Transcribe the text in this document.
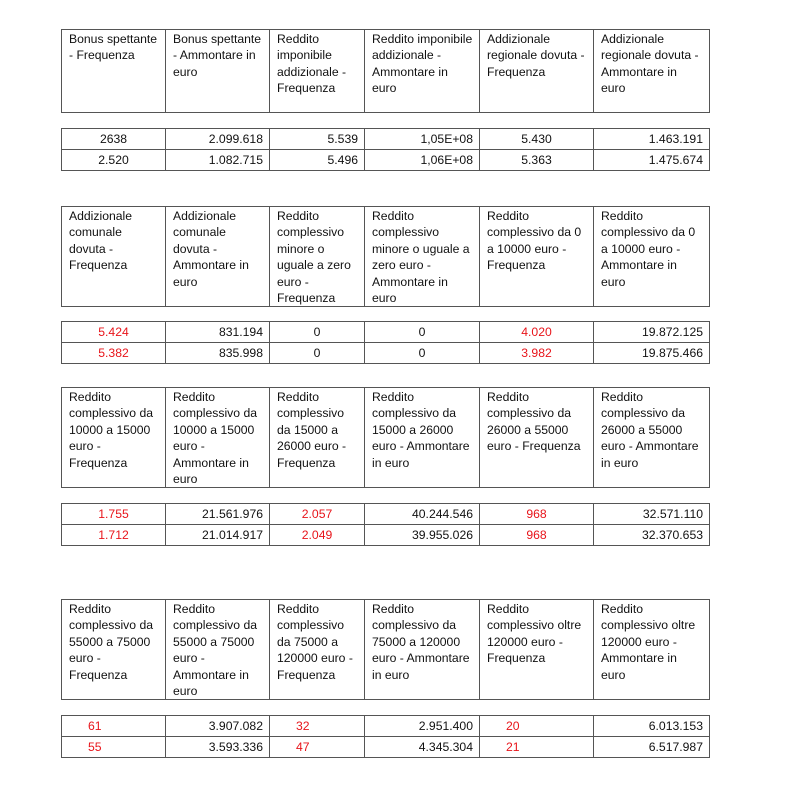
Bonus spettante - Frequenza	Bonus spettante - Ammontare in euro	Reddito imponibile addizionale - Frequenza	Reddito imponibile addizionale - Ammontare in euro	Addizionale regionale dovuta - Frequenza	Addizionale regionale dovuta - Ammontare in euro
2638	2.099.618	5.539	1,05E+08	5.430	1.463.191
2.520	1.082.715	5.496	1,06E+08	5.363	1.475.674
Addizionale comunale dovuta - Frequenza	Addizionale comunale dovuta - Ammontare in euro	Reddito complessivo minore o uguale a zero euro - Frequenza	Reddito complessivo minore o uguale a zero euro - Ammontare in euro	Reddito complessivo da 0 a 10000 euro - Frequenza	Reddito complessivo da 0 a 10000 euro - Ammontare in euro
5.424	831.194	0	0	4.020	19.872.125
5.382	835.998	0	0	3.982	19.875.466
Reddito complessivo da 10000 a 15000 euro - Frequenza	Reddito complessivo da 10000 a 15000 euro - Ammontare in euro	Reddito complessivo da 15000 a 26000 euro - Frequenza	Reddito complessivo da 15000 a 26000 euro - Ammontare in euro	Reddito complessivo da 26000 a 55000 euro - Frequenza	Reddito complessivo da 26000 a 55000 euro - Ammontare in euro
1.755	21.561.976	2.057	40.244.546	968	32.571.110
1.712	21.014.917	2.049	39.955.026	968	32.370.653
Reddito complessivo da 55000 a 75000 euro - Frequenza	Reddito complessivo da 55000 a 75000 euro - Ammontare in euro	Reddito complessivo da 75000 a 120000 euro - Frequenza	Reddito complessivo da 75000 a 120000 euro - Ammontare in euro	Reddito complessivo oltre 120000 euro - Frequenza	Reddito complessivo oltre 120000 euro - Ammontare in euro
61	3.907.082	32	2.951.400	20	6.013.153
55	3.593.336	47	4.345.304	21	6.517.987
